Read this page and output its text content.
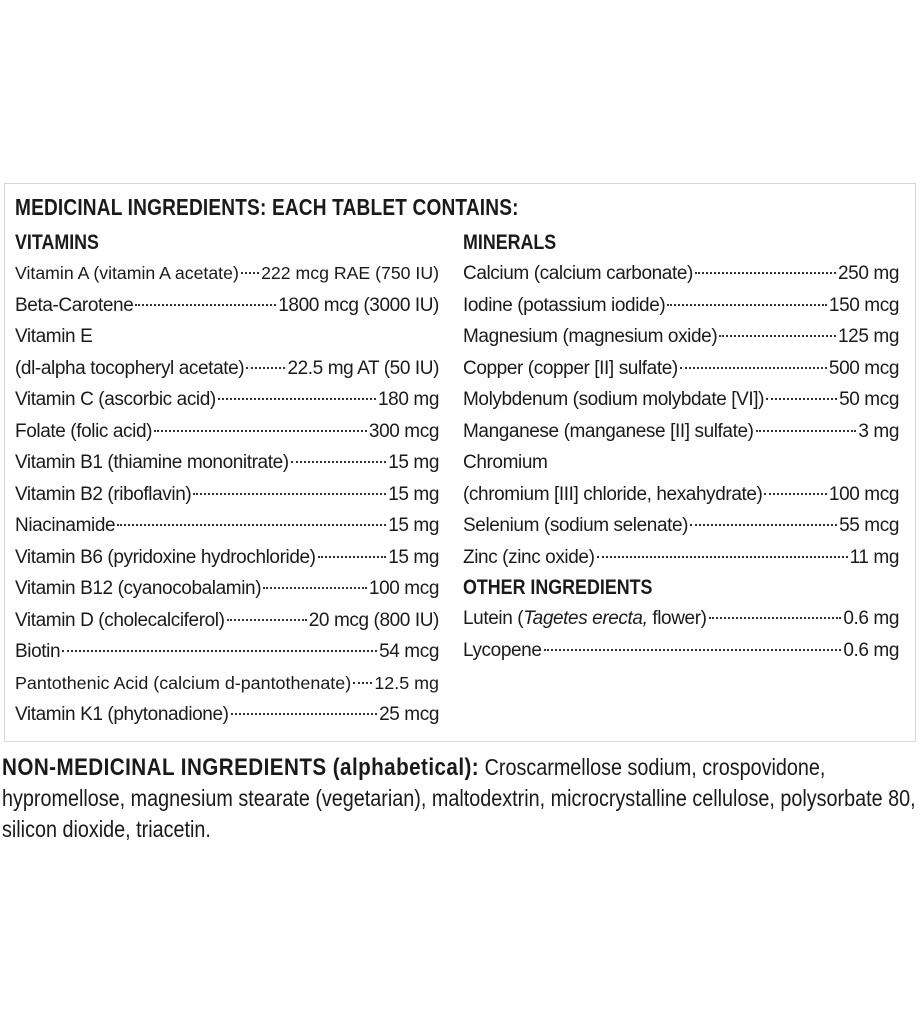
MEDICINAL INGREDIENTS: EACH TABLET CONTAINS:
VITAMINS
Vitamin A (vitamin A acetate) 222 mcg RAE (750 IU)
Beta-Carotene	1800 mcg (3000 IU)
Vitamin E
(dl-alpha tocopheryl acetate) 22.5 mg AT (50 IU)
Vitamin C (ascorbic acid)	180 mg
Folate (folic acid)	300 mcg
Vitamin B1 (thiamine mononitrate)	15 mg
Vitamin B2 (riboflavin)	15 mg
Niacinamide	15 mg
Vitamin B6 (pyridoxine hydrochloride)	15 mg
Vitamin B12 (cyanocobalamin)	100 mcg
Vitamin D (cholecalciferol)	20 mcg (800 IU)
Biotin	54 mcg
Pantothenic Acid (calcium d-pantothenate) 12.5 mg
Vitamin K1 (phytonadione)	25 mcg
MINERALS
Calcium (calcium carbonate)	250 mg
Iodine (potassium iodide)	150 mcg
Magnesium (magnesium oxide)	125 mg
Copper (copper [II] sulfate)	500 mcg
Molybdenum (sodium molybdate [VI])	50 mcg
Manganese (manganese [II] sulfate)	3 mg
Chromium
(chromium [III] chloride, hexahydrate)	100 mcg
Selenium (sodium selenate)	55 mcg
Zinc (zinc oxide)	11 mg
OTHER INGREDIENTS
Lutein (Tagetes erecta, flower)	0.6 mg
Lycopene	0.6 mg
NON-MEDICINAL INGREDIENTS (alphabetical): Croscarmellose sodium, crospovidone, hypromellose, magnesium stearate (vegetarian), maltodextrin, microcrystalline cellulose, polysorbate 80, silicon dioxide, triacetin.
